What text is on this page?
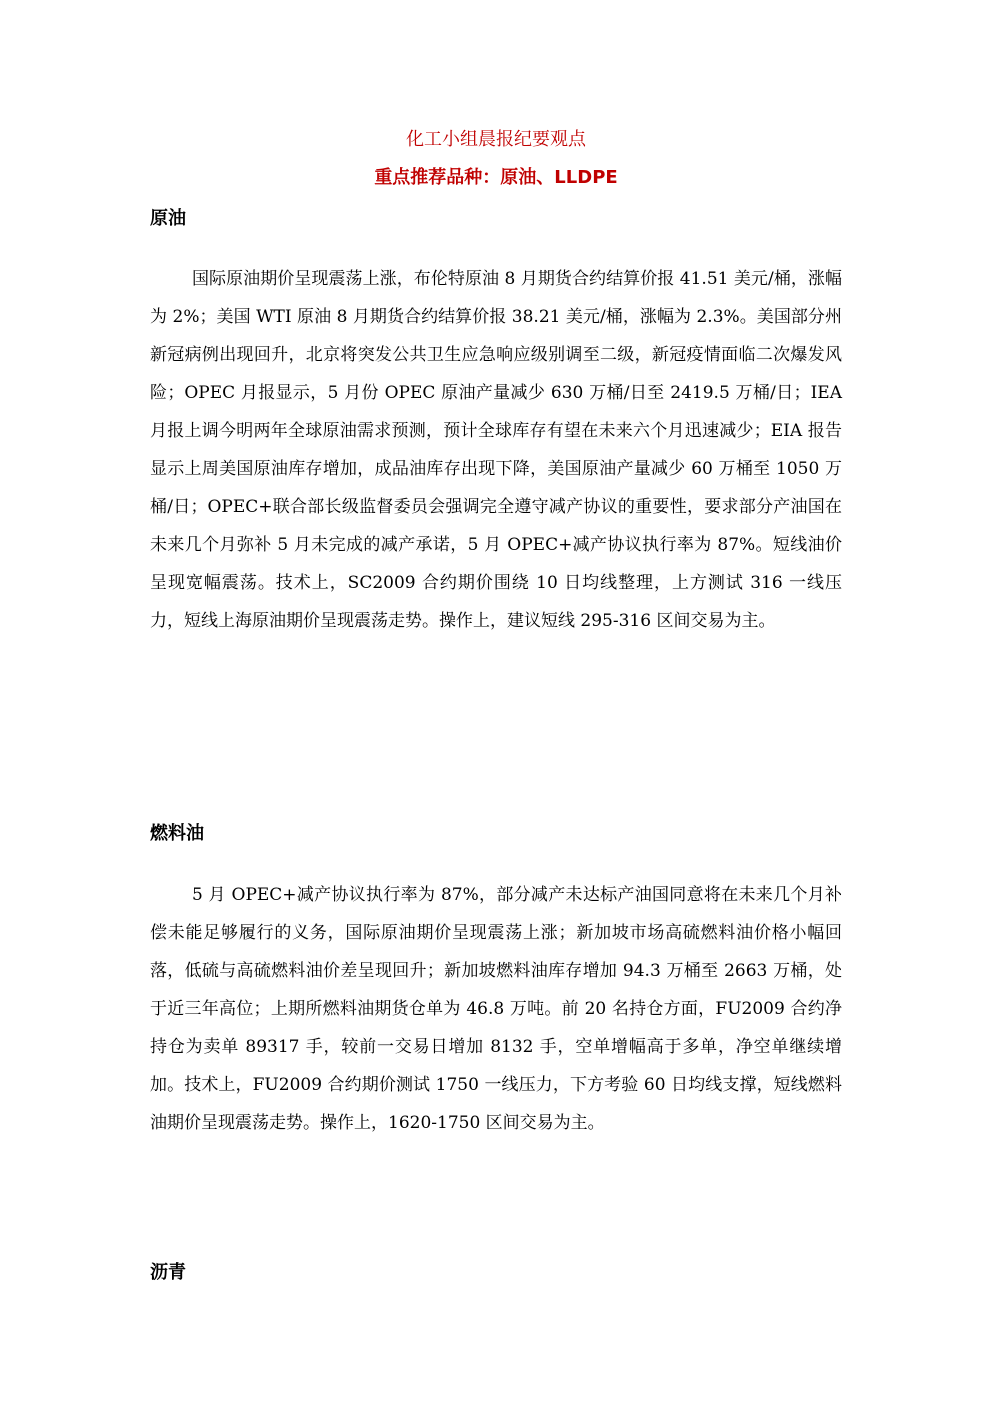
化工小组晨报纪要观点
重点推荐品种：原油、LLDPE
原油

国际原油期价呈现震荡上涨，布伦特原油 8 月期货合约结算价报 41.51 美元/桶，涨幅为 2%；美国 WTI 原油 8 月期货合约结算价报 38.21 美元/桶，涨幅为 2.3%。美国部分州新冠病例出现回升，北京将突发公共卫生应急响应级别调至二级，新冠疫情面临二次爆发风险；OPEC 月报显示，5 月份 OPEC 原油产量减少 630 万桶/日至 2419.5 万桶/日；IEA 月报上调今明两年全球原油需求预测，预计全球库存有望在未来六个月迅速减少；EIA 报告显示上周美国原油库存增加，成品油库存出现下降，美国原油产量减少 60 万桶至 1050 万桶/日；OPEC+联合部长级监督委员会强调完全遵守减产协议的重要性，要求部分产油国在未来几个月弥补 5 月未完成的减产承诺，5 月 OPEC+减产协议执行率为 87%。短线油价呈现宽幅震荡。技术上，SC2009 合约期价围绕 10 日均线整理，上方测试 316 一线压力，短线上海原油期价呈现震荡走势。操作上，建议短线 295-316 区间交易为主。

燃料油

5 月 OPEC+减产协议执行率为 87%，部分减产未达标产油国同意将在未来几个月补偿未能足够履行的义务，国际原油期价呈现震荡上涨；新加坡市场高硫燃料油价格小幅回落，低硫与高硫燃料油价差呈现回升；新加坡燃料油库存增加 94.3 万桶至 2663 万桶，处于近三年高位；上期所燃料油期货仓单为 46.8 万吨。前 20 名持仓方面，FU2009 合约净持仓为卖单 89317 手，较前一交易日增加 8132 手，空单增幅高于多单，净空单继续增加。技术上，FU2009 合约期价测试 1750 一线压力，下方考验 60 日均线支撑，短线燃料油期价呈现震荡走势。操作上，1620-1750 区间交易为主。

沥青
